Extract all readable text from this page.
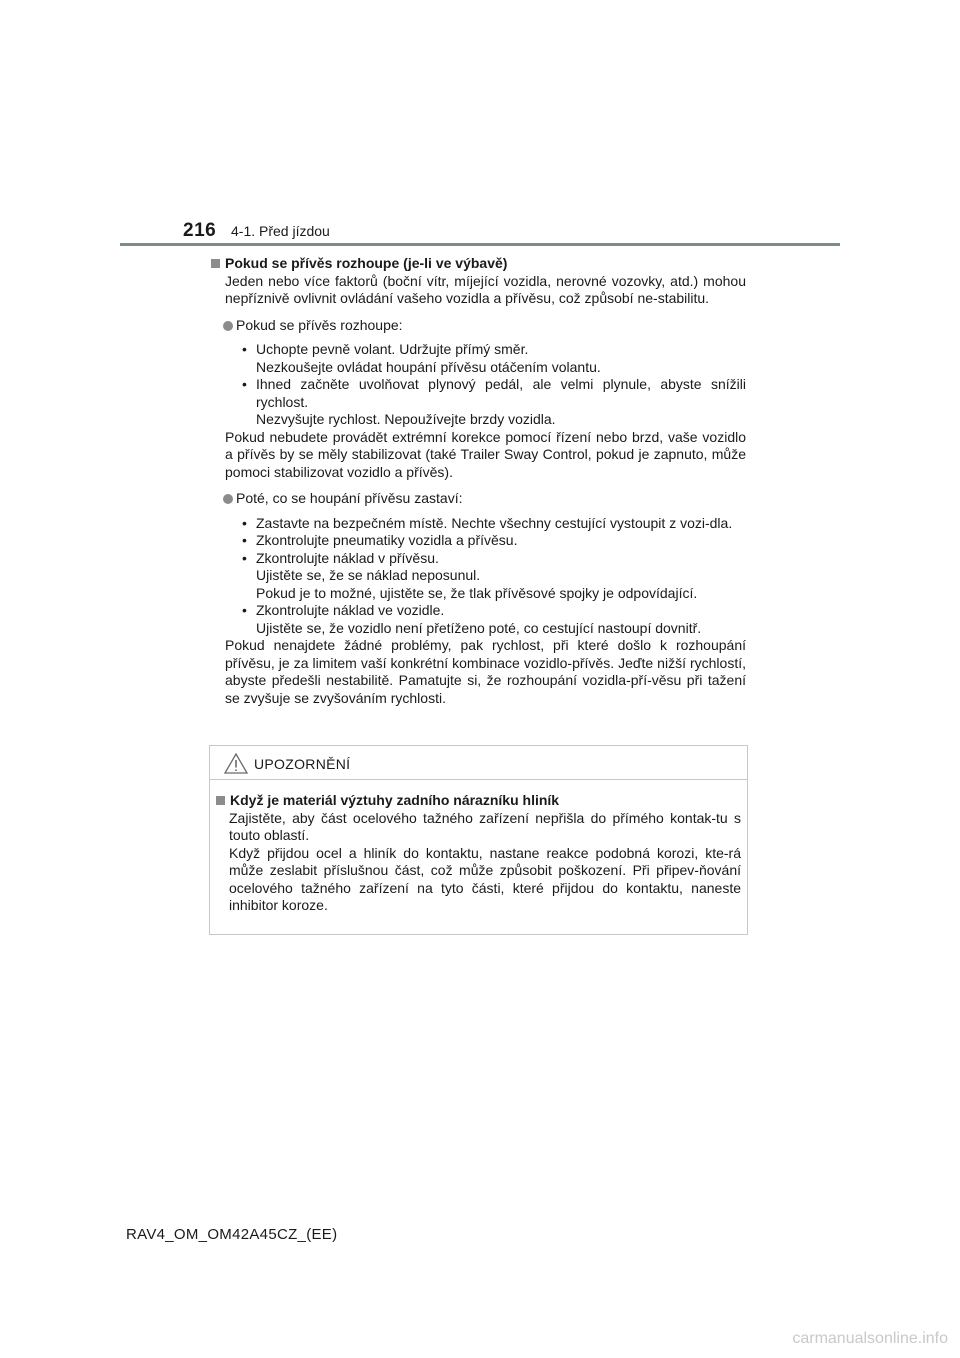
216 4-1. Před jízdou
Pokud se přívěs rozhoupe (je-li ve výbavě)
Jeden nebo více faktorů (boční vítr, míjející vozidla, nerovné vozovky, atd.) mohou nepříznivě ovlivnit ovládání vašeho vozidla a přívěsu, což způsobí ne-stabilitu.
Pokud se přívěs rozhoupe:
• Uchopte pevně volant. Udržujte přímý směr.
Nezkoušejte ovládat houpání přívěsu otáčením volantu.
• Ihned začněte uvolňovat plynový pedál, ale velmi plynule, abyste snížili rychlost.
Nezvyšujte rychlost. Nepoužívejte brzdy vozidla.
Pokud nebudete provádět extrémní korekce pomocí řízení nebo brzd, vaše vozidlo a přívěs by se měly stabilizovat (také Trailer Sway Control, pokud je zapnuto, může pomoci stabilizovat vozidlo a přívěs).
Poté, co se houpání přívěsu zastaví:
• Zastavte na bezpečném místě. Nechte všechny cestující vystoupit z vozi-dla.
• Zkontrolujte pneumatiky vozidla a přívěsu.
• Zkontrolujte náklad v přívěsu.
Ujistěte se, že se náklad neposunul.
Pokud je to možné, ujistěte se, že tlak přívěsové spojky je odpovídající.
• Zkontrolujte náklad ve vozidle.
Ujistěte se, že vozidlo není přetíženo poté, co cestující nastoupí dovnitř.
Pokud nenajdete žádné problémy, pak rychlost, při které došlo k rozhoupání přívěsu, je za limitem vaší konkrétní kombinace vozidlo-přívěs. Jeďte nižší rychlostí, abyste předešli nestabilitě. Pamatujte si, že rozhoupání vozidla-pří-věsu při tažení se zvyšuje se zvyšováním rychlosti.
UPOZORNĚNÍ
Když je materiál výztuhy zadního nárazníku hliník
Zajistěte, aby část ocelového tažného zařízení nepřišla do přímého kontak-tu s touto oblastí.
Když přijdou ocel a hliník do kontaktu, nastane reakce podobná korozi, kte-rá může zeslabit příslušnou část, což může způsobit poškození. Při připev-ňování ocelového tažného zařízení na tyto části, které přijdou do kontaktu, naneste inhibitor koroze.
RAV4_OM_OM42A45CZ_(EE)
carmanualsonline.info
